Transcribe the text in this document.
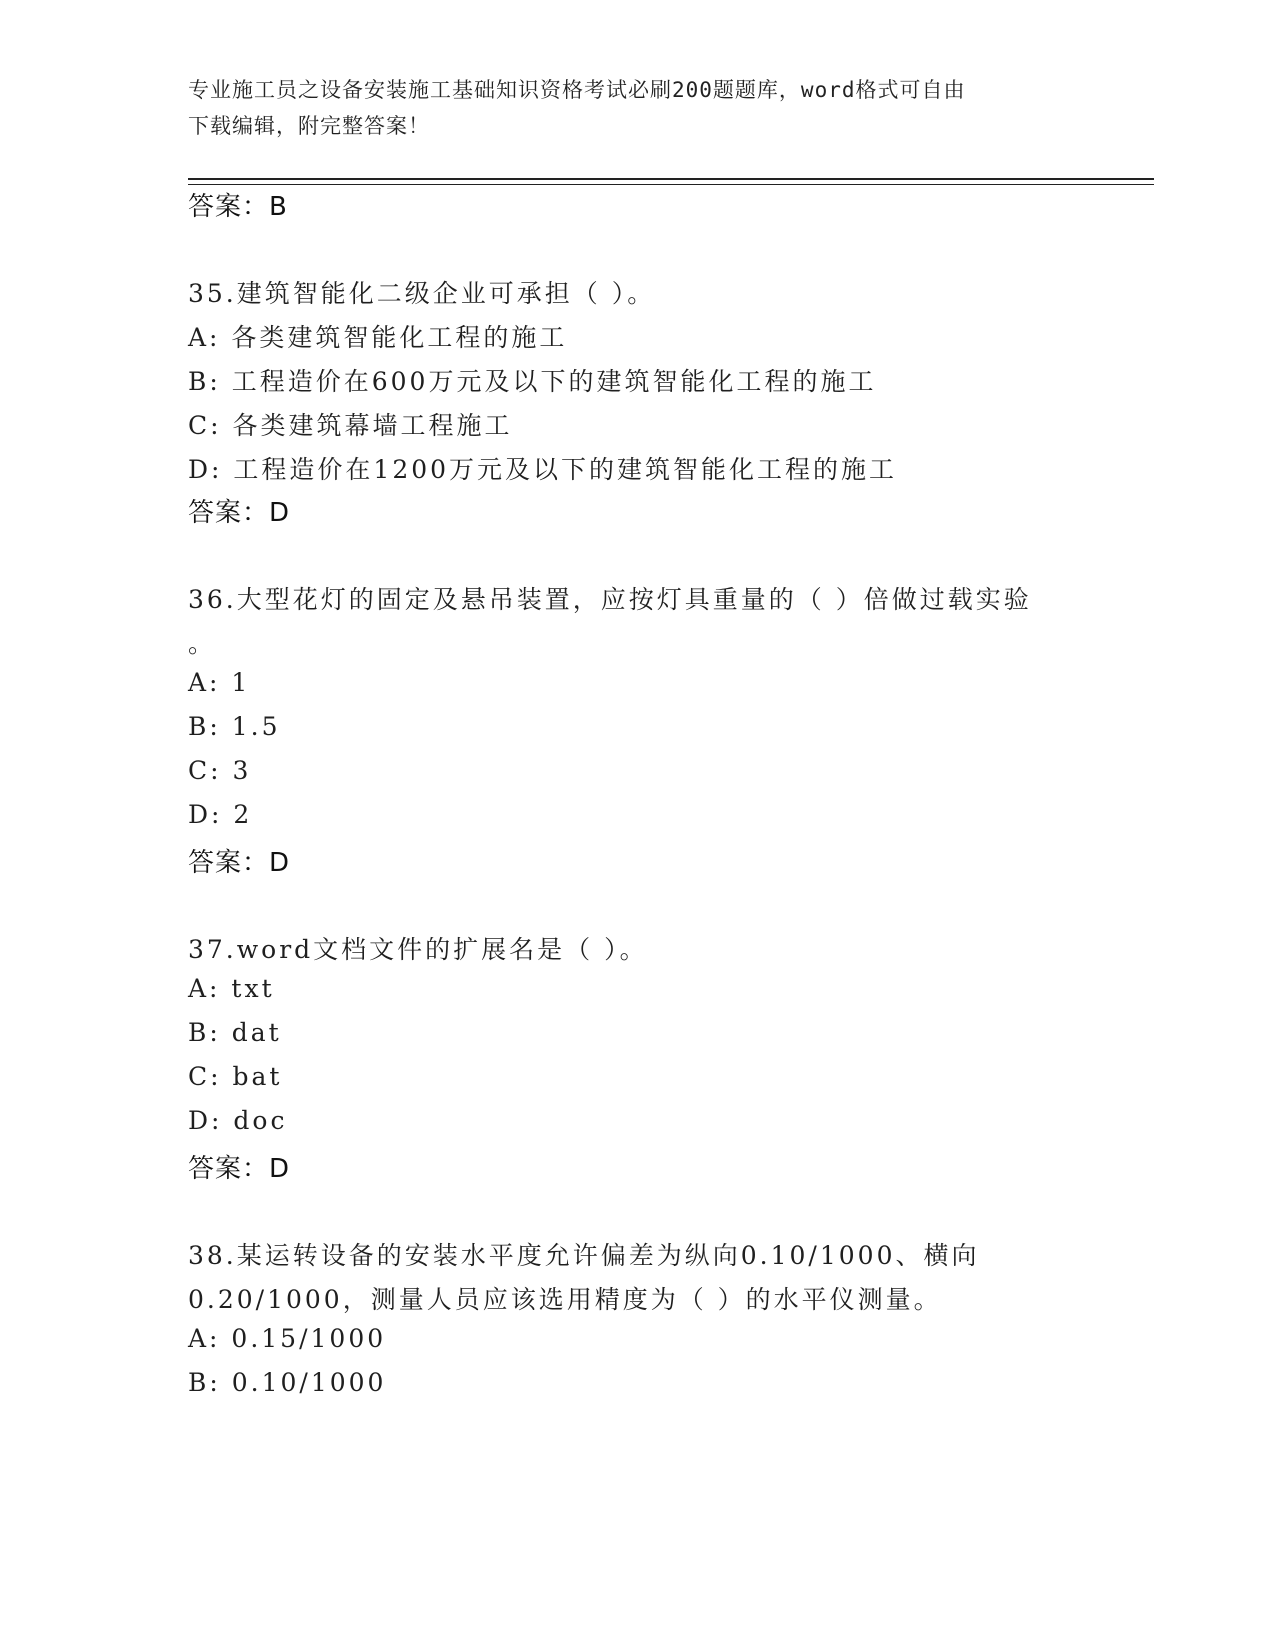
专业施工员之设备安装施工基础知识资格考试必刷200题题库，word格式可自由
下载编辑，附完整答案！
答案：B
35.建筑智能化二级企业可承担（ ）。
A: 各类建筑智能化工程的施工
B: 工程造价在600万元及以下的建筑智能化工程的施工
C: 各类建筑幕墙工程施工
D: 工程造价在1200万元及以下的建筑智能化工程的施工
答案：D
36.大型花灯的固定及悬吊装置，应按灯具重量的（ ）倍做过载实验
。
A: 1
B: 1.5
C: 3
D: 2
答案：D
37.word文档文件的扩展名是（ ）。
A: txt
B: dat
C: bat
D: doc
答案：D
38.某运转设备的安装水平度允许偏差为纵向0.10/1000、横向
0.20/1000，测量人员应该选用精度为（ ）的水平仪测量。
A: 0.15/1000
B: 0.10/1000
